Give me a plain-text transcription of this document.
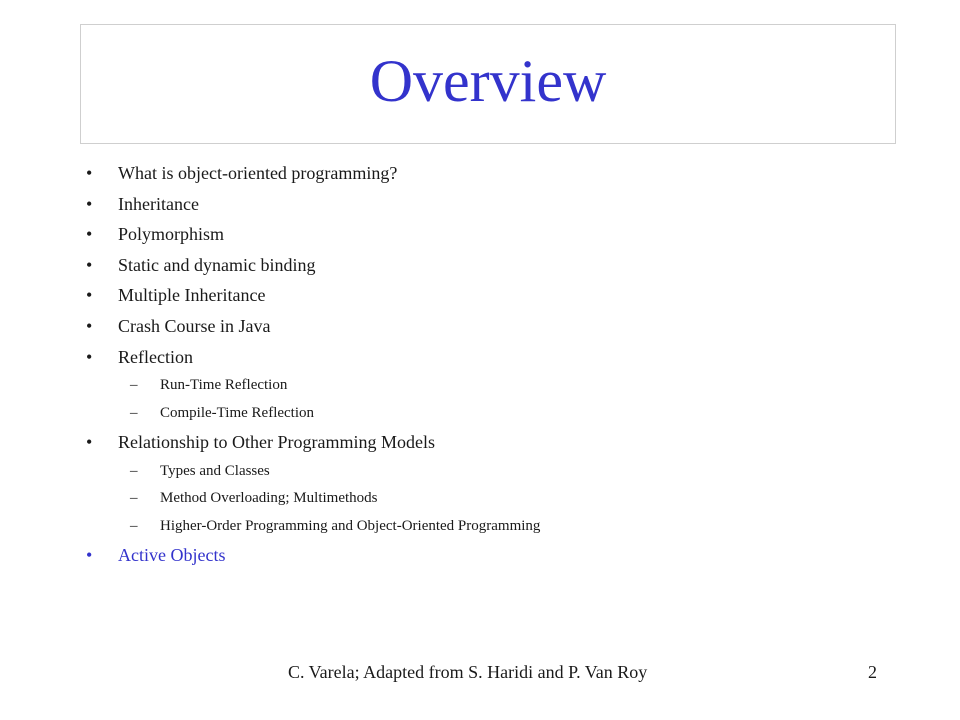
Overview
•	What is object-oriented programming?
•	Inheritance
•	Polymorphism
•	Static and dynamic binding
•	Multiple Inheritance
•	Crash Course in Java
•	Reflection
–	Run-Time Reflection
–	Compile-Time Reflection
•	Relationship to Other Programming Models
–	Types and Classes
–	Method Overloading; Multimethods
–	Higher-Order Programming and Object-Oriented Programming
•	Active Objects
C. Varela; Adapted from S. Haridi and P. Van Roy	2
